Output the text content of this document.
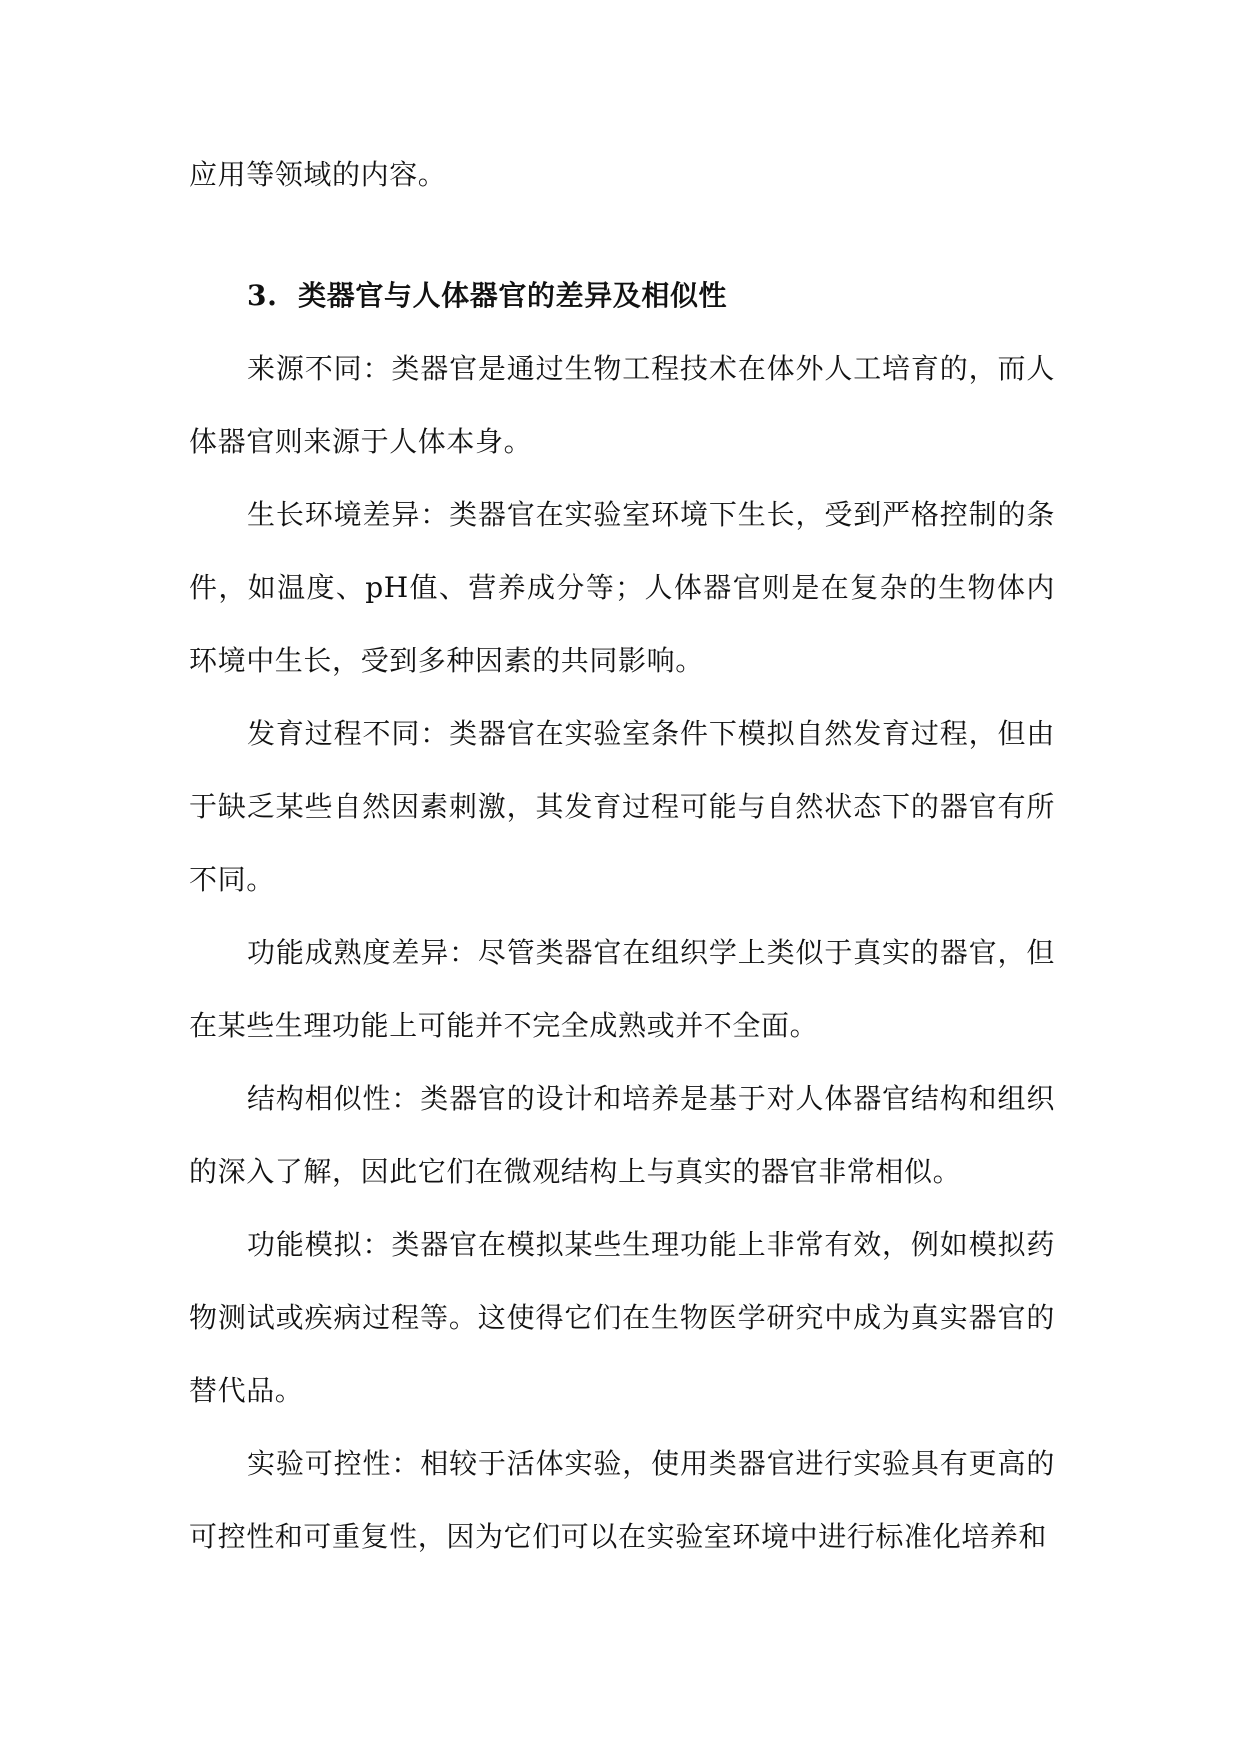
应用等领域的内容。

3. 类器官与人体器官的差异及相似性

来源不同：类器官是通过生物工程技术在体外人工培育的，而人体器官则来源于人体本身。

生长环境差异：类器官在实验室环境下生长，受到严格控制的条件，如温度、pH值、营养成分等；人体器官则是在复杂的生物体内环境中生长，受到多种因素的共同影响。

发育过程不同：类器官在实验室条件下模拟自然发育过程，但由于缺乏某些自然因素刺激，其发育过程可能与自然状态下的器官有所不同。

功能成熟度差异：尽管类器官在组织学上类似于真实的器官，但在某些生理功能上可能并不完全成熟或并不全面。

结构相似性：类器官的设计和培养是基于对人体器官结构和组织的深入了解，因此它们在微观结构上与真实的器官非常相似。

功能模拟：类器官在模拟某些生理功能上非常有效，例如模拟药物测试或疾病过程等。这使得它们在生物医学研究中成为真实器官的替代品。

实验可控性：相较于活体实验，使用类器官进行实验具有更高的可控性和可重复性，因为它们可以在实验室环境中进行标准化培养和
